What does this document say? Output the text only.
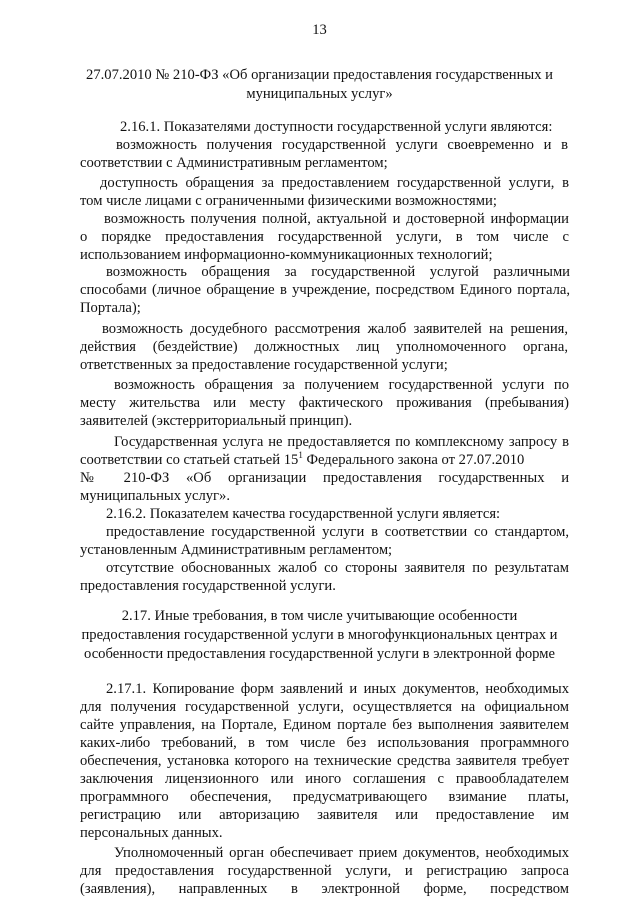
13
27.07.2010 № 210-ФЗ «Об организации предоставления государственных и
муниципальных услуг»
2.16.1. Показателями доступности государственной услуги являются:
возможность получения государственной услуги своевременно и в
соответствии с Административным регламентом;
доступность обращения за предоставлением государственной услуги, в
том числе лицами с ограниченными физическими возможностями;
возможность получения полной, актуальной и достоверной информации
о порядке предоставления государственной услуги, в том числе с
использованием информационно-коммуникационных технологий;
возможность обращения за государственной услугой различными
способами (личное обращение в учреждение, посредством Единого портала,
Портала);
возможность досудебного рассмотрения жалоб заявителей на решения,
действия (бездействие) должностных лиц уполномоченного органа,
ответственных за предоставление государственной услуги;
возможность обращения за получением государственной услуги по
месту жительства или месту фактического проживания (пребывания)
заявителей (экстерриториальный принцип).
Государственная услуга не предоставляется по комплексному запросу в
соответствии со статьей статьей $15^1$ Федерального закона от 27.07.2010
№ 210-ФЗ «Об организации предоставления государственных и
муниципальных услуг».
2.16.2. Показателем качества государственной услуги является:
предоставление государственной услуги в соответствии со стандартом,
установленным Административным регламентом;
отсутствие обоснованных жалоб со стороны заявителя по результатам
предоставления государственной услуги.
2.17. Иные требования, в том числе учитывающие особенности
предоставления государственной услуги в многофункциональных центрах и
особенности предоставления государственной услуги в электронной форме
2.17.1. Копирование форм заявлений и иных документов, необходимых
для получения государственной услуги, осуществляется на официальном
сайте управления, на Портале, Едином портале без выполнения заявителем
каких-либо требований, в том числе без использования программного
обеспечения, установка которого на технические средства заявителя требует
заключения лицензионного или иного соглашения с правообладателем
программного обеспечения, предусматривающего взимание платы,
регистрацию или авторизацию заявителя или предоставление им
персональных данных.
Уполномоченный орган обеспечивает прием документов, необходимых
для предоставления государственной услуги, и регистрацию запроса
(заявления), направленных в электронной форме, посредством
